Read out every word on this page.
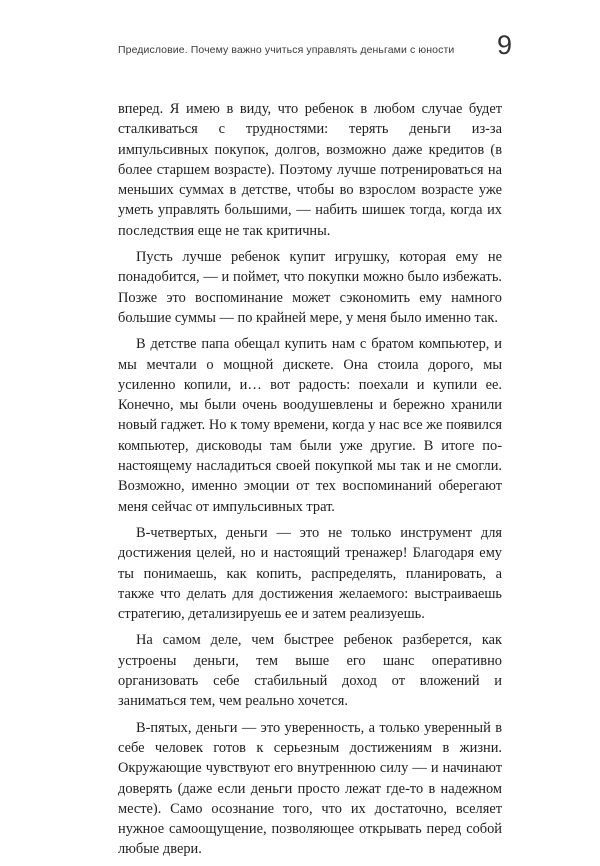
Предисловие. Почему важно учиться управлять деньгами с юности 9

вперед. Я имею в виду, что ребенок в любом случае будет сталкиваться с трудностями: терять деньги из-за импульсивных покупок, долгов, возможно даже кредитов (в более старшем возрасте). Поэтому лучше потренироваться на меньших суммах в детстве, чтобы во взрослом возрасте уже уметь управлять большими, — набить шишек тогда, когда их последствия еще не так критичны.

Пусть лучше ребенок купит игрушку, которая ему не понадобится, — и поймет, что покупки можно было избежать. Позже это воспоминание может сэкономить ему намного большие суммы — по крайней мере, у меня было именно так.

В детстве папа обещал купить нам с братом компьютер, и мы мечтали о мощной дискете. Она стоила дорого, мы усиленно копили, и… вот радость: поехали и купили ее. Конечно, мы были очень воодушевлены и бережно хранили новый гаджет. Но к тому времени, когда у нас все же появился компьютер, дисководы там были уже другие. В итоге по-настоящему насладиться своей покупкой мы так и не смогли. Возможно, именно эмоции от тех воспоминаний оберегают меня сейчас от импульсивных трат.

В-четвертых, деньги — это не только инструмент для достижения целей, но и настоящий тренажер! Благодаря ему ты понимаешь, как копить, распределять, планировать, а также что делать для достижения желаемого: выстраиваешь стратегию, детализируешь ее и затем реализуешь.

На самом деле, чем быстрее ребенок разберется, как устроены деньги, тем выше его шанс оперативно организовать себе стабильный доход от вложений и заниматься тем, чем реально хочется.

В-пятых, деньги — это уверенность, а только уверенный в себе человек готов к серьезным достижениям в жизни. Окружающие чувствуют его внутреннюю силу — и начинают доверять (даже если деньги просто лежат где-то в надежном месте). Само осознание того, что их достаточно, вселяет нужное самоощущение, позволяющее открывать перед собой любые двери.
